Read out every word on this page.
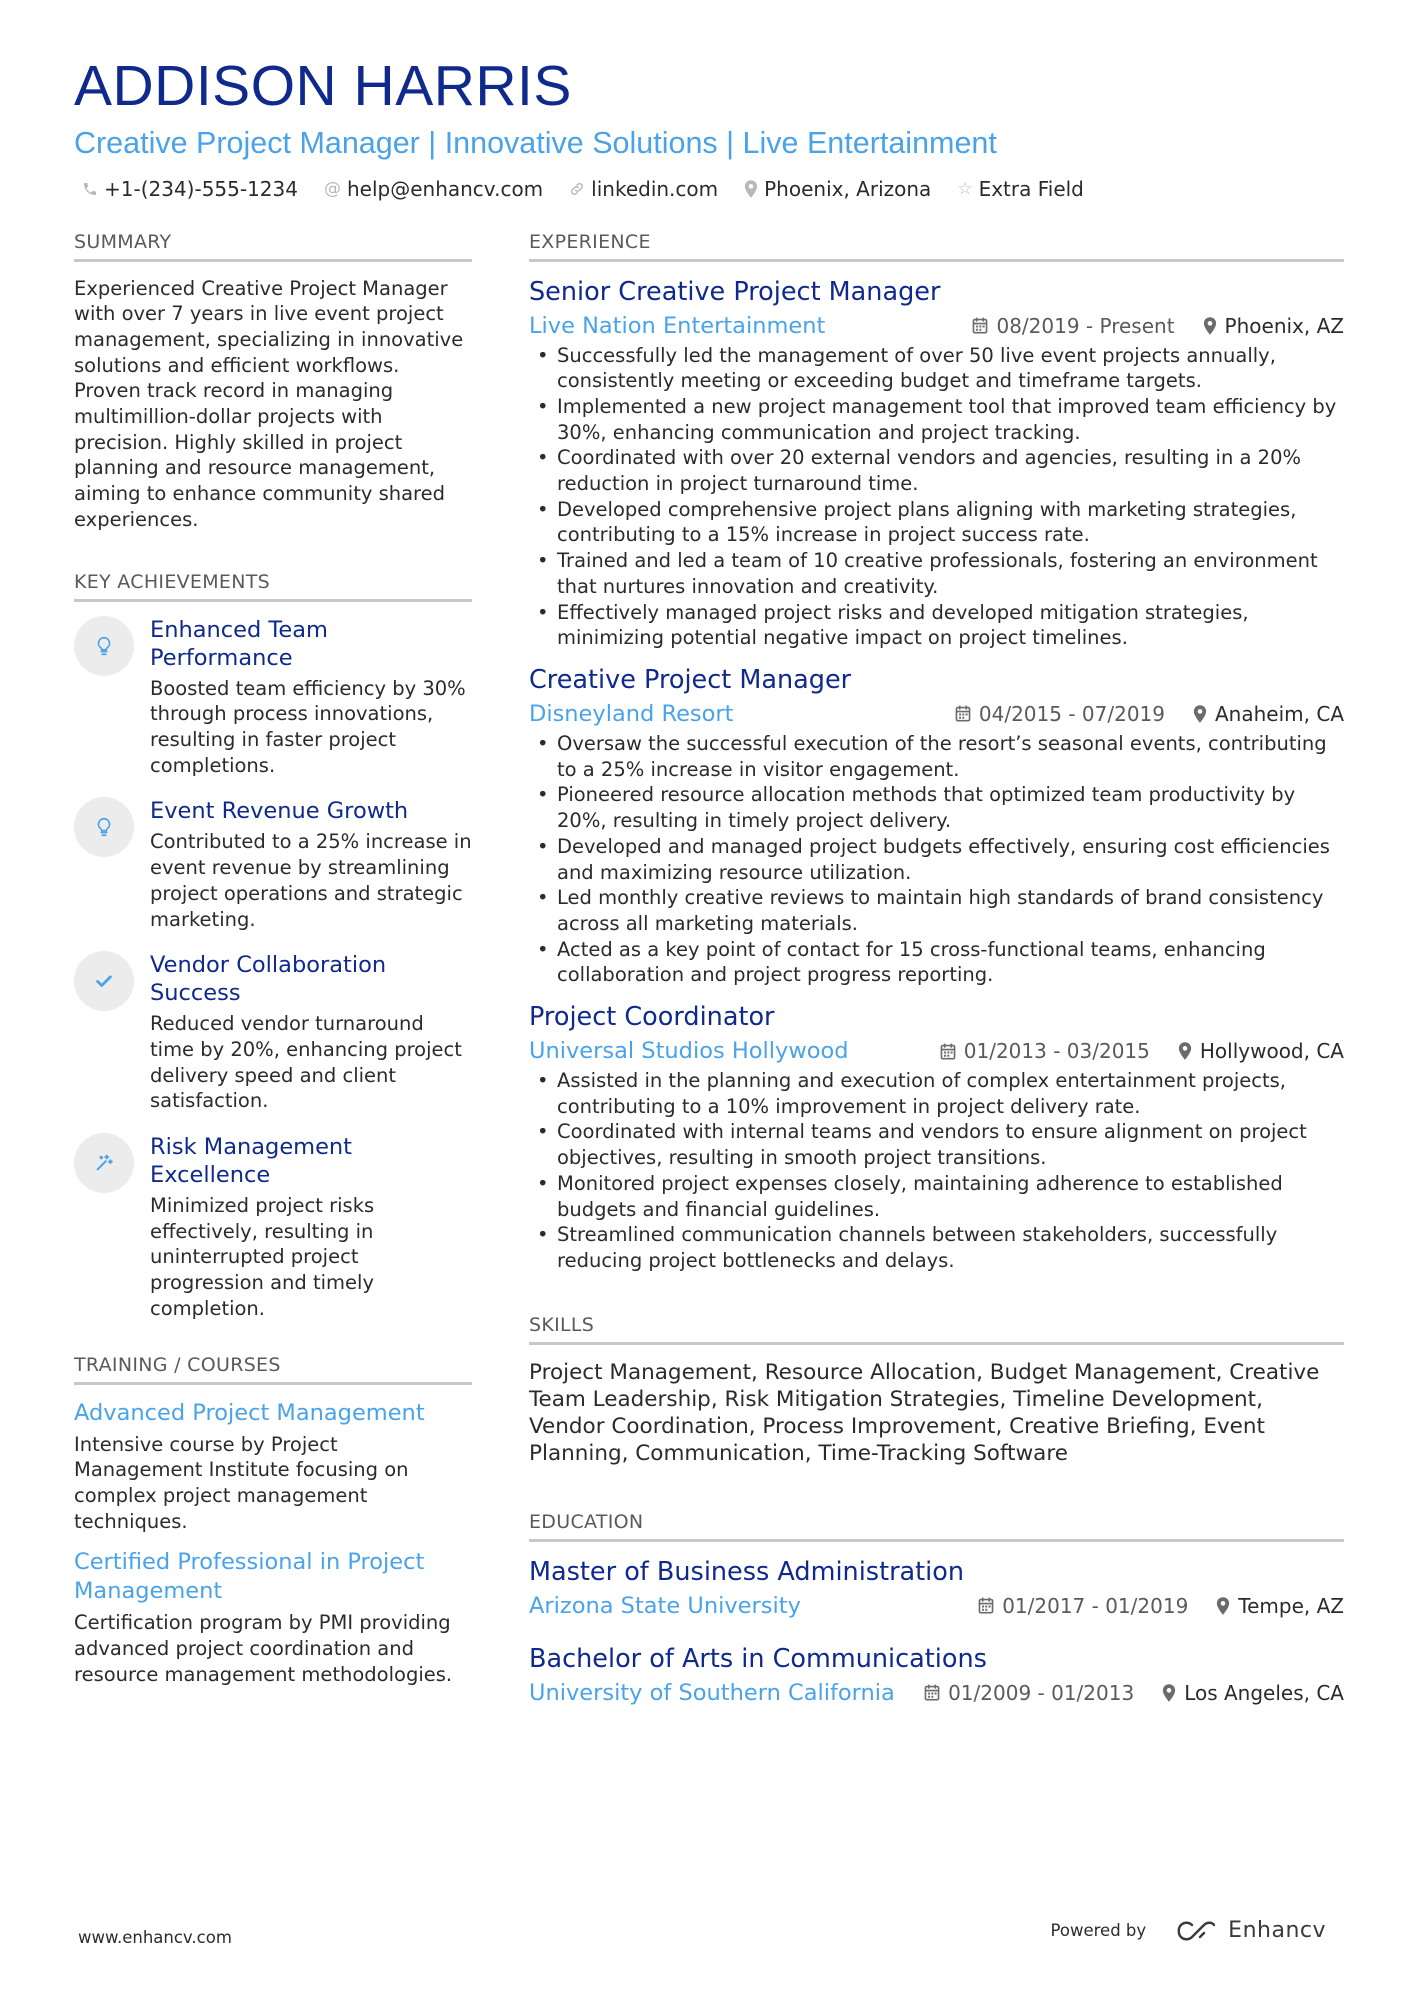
ADDISON HARRIS
Creative Project Manager | Innovative Solutions | Live Entertainment
+1-(234)-555-1234 @ help@enhancv.com linkedin.com Phoenix, Arizona ☆ Extra Field
SUMMARY
Experienced Creative Project Manager with over 7 years in live event project management, specializing in innovative solutions and efficient workflows. Proven track record in managing multimillion-dollar projects with precision. Highly skilled in project planning and resource management, aiming to enhance community shared experiences.
KEY ACHIEVEMENTS
Enhanced Team Performance
Boosted team efficiency by 30% through process innovations, resulting in faster project completions.
Event Revenue Growth
Contributed to a 25% increase in event revenue by streamlining project operations and strategic marketing.
Vendor Collaboration Success
Reduced vendor turnaround time by 20%, enhancing project delivery speed and client satisfaction.
Risk Management Excellence
Minimized project risks effectively, resulting in uninterrupted project progression and timely completion.
TRAINING / COURSES
Advanced Project Management
Intensive course by Project Management Institute focusing on complex project management techniques.
Certified Professional in Project Management
Certification program by PMI providing advanced project coordination and resource management methodologies.
EXPERIENCE
Senior Creative Project Manager
Live Nation Entertainment	08/2019 - Present	Phoenix, AZ
• Successfully led the management of over 50 live event projects annually, consistently meeting or exceeding budget and timeframe targets.
• Implemented a new project management tool that improved team efficiency by 30%, enhancing communication and project tracking.
• Coordinated with over 20 external vendors and agencies, resulting in a 20% reduction in project turnaround time.
• Developed comprehensive project plans aligning with marketing strategies, contributing to a 15% increase in project success rate.
• Trained and led a team of 10 creative professionals, fostering an environment that nurtures innovation and creativity.
• Effectively managed project risks and developed mitigation strategies, minimizing potential negative impact on project timelines.
Creative Project Manager
Disneyland Resort	04/2015 - 07/2019	Anaheim, CA
• Oversaw the successful execution of the resort’s seasonal events, contributing to a 25% increase in visitor engagement.
• Pioneered resource allocation methods that optimized team productivity by 20%, resulting in timely project delivery.
• Developed and managed project budgets effectively, ensuring cost efficiencies and maximizing resource utilization.
• Led monthly creative reviews to maintain high standards of brand consistency across all marketing materials.
• Acted as a key point of contact for 15 cross-functional teams, enhancing collaboration and project progress reporting.
Project Coordinator
Universal Studios Hollywood	01/2013 - 03/2015	Hollywood, CA
• Assisted in the planning and execution of complex entertainment projects, contributing to a 10% improvement in project delivery rate.
• Coordinated with internal teams and vendors to ensure alignment on project objectives, resulting in smooth project transitions.
• Monitored project expenses closely, maintaining adherence to established budgets and financial guidelines.
• Streamlined communication channels between stakeholders, successfully reducing project bottlenecks and delays.
SKILLS
Project Management, Resource Allocation, Budget Management, Creative Team Leadership, Risk Mitigation Strategies, Timeline Development, Vendor Coordination, Process Improvement, Creative Briefing, Event Planning, Communication, Time-Tracking Software
EDUCATION
Master of Business Administration
Arizona State University	01/2017 - 01/2019	Tempe, AZ
Bachelor of Arts in Communications
University of Southern California	01/2009 - 01/2013	Los Angeles, CA
www.enhancv.com	Powered by	Enhancv
